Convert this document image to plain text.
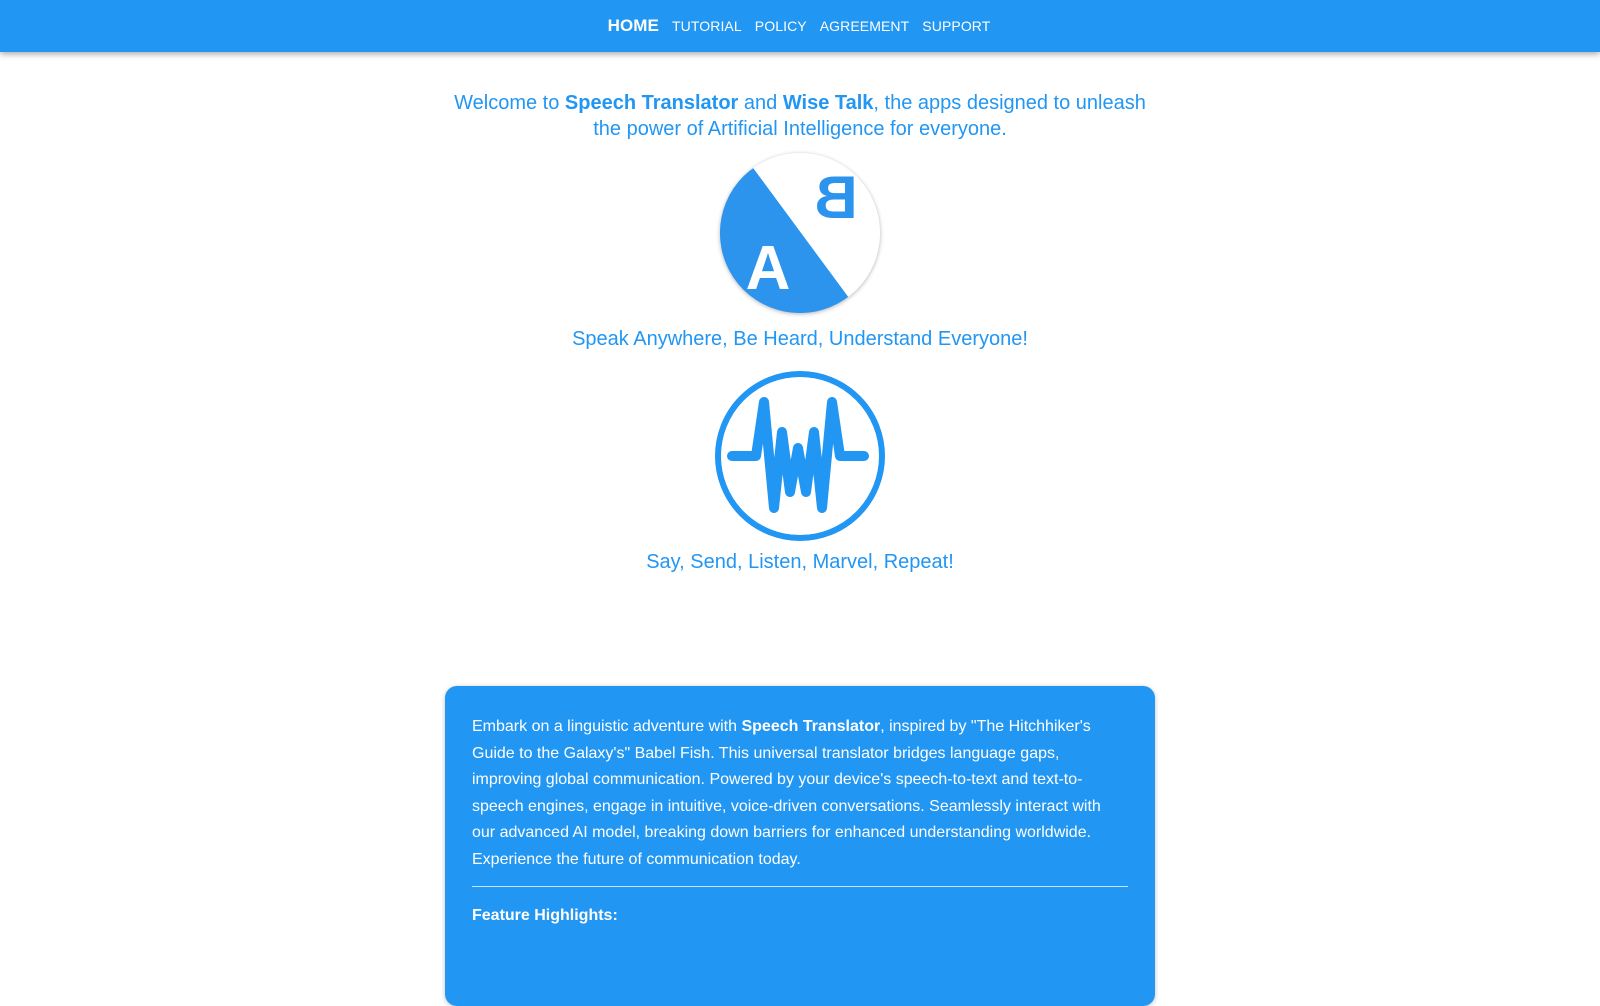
HOME TUTORIAL POLICY AGREEMENT SUPPORT
Welcome to Speech Translator and Wise Talk, the apps designed to unleash
the power of Artificial Intelligence for everyone.
A
B
Speak Anywhere, Be Heard, Understand Everyone!
Say, Send, Listen, Marvel, Repeat!

Embark on a linguistic adventure with Speech Translator, inspired by "The Hitchhiker's Guide to the Galaxy's" Babel Fish. This universal translator bridges language gaps, improving global communication. Powered by your device's speech-to-text and text-to-speech engines, engage in intuitive, voice-driven conversations. Seamlessly interact with our advanced AI model, breaking down barriers for enhanced understanding worldwide. Experience the future of communication today.

Feature Highlights:
